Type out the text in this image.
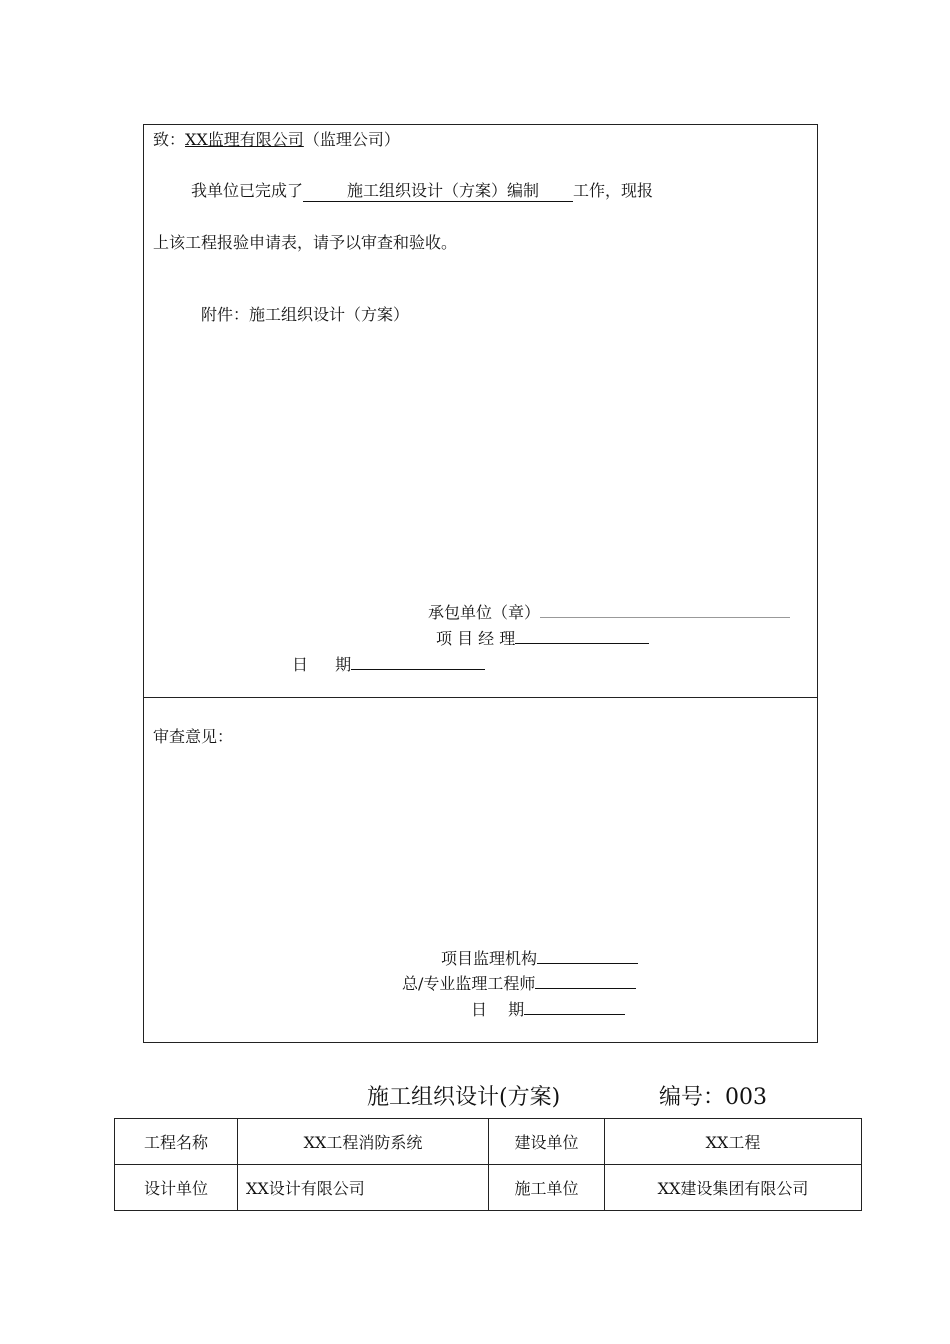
致：XX监理有限公司（监理公司）
我单位已完成了	施工组织设计（方案）编制 工作，现报
上该工程报验申请表，请予以审查和验收。
附件：施工组织设计（方案）
承包单位（章）
项 目 经 理
日 期
审查意见：
项目监理机构
总/专业监理工程师
日 期
施工组织设计(方案)	编号：003
工程名称	XX工程消防系统	建设单位	XX工程
设计单位	XX设计有限公司	施工单位	XX建设集团有限公司
